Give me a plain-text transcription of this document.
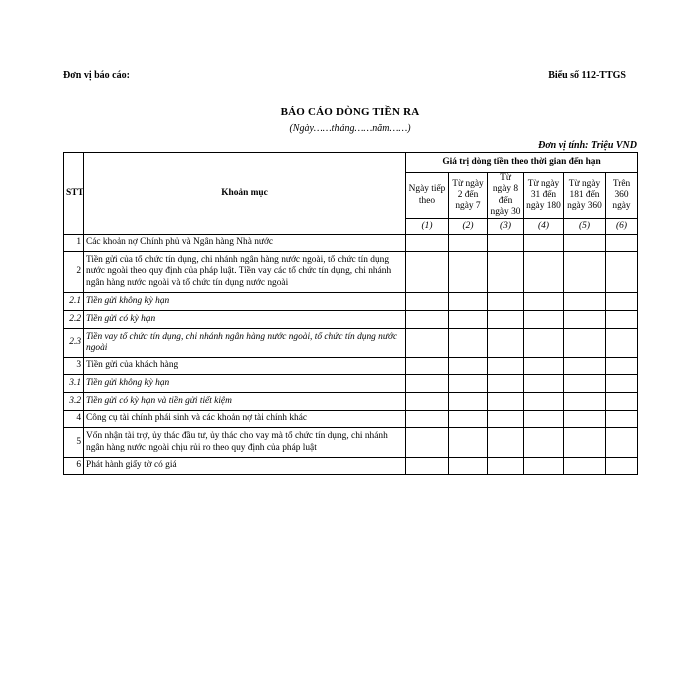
Đơn vị báo cáo:	Biểu số 112-TTGS
BÁO CÁO DÒNG TIỀN RA
(Ngày……tháng……năm……)
Đơn vị tính: Triệu VND
STT	Khoản mục	Giá trị dòng tiền theo thời gian đến hạn					
		Ngày tiếp theo	Từ ngày 2 đến ngày 7	Từ ngày 8 đến ngày 30	Từ ngày 31 đến ngày 180	Từ ngày 181 đến ngày 360	Trên 360 ngày
		(1)	(2)	(3)	(4)	(5)	(6)
1	Các khoản nợ Chính phủ và Ngân hàng Nhà nước						
2	Tiền gửi của tổ chức tín dụng, chi nhánh ngân hàng nước ngoài, tổ chức tín dụng nước ngoài theo quy định của pháp luật. Tiền vay các tổ chức tín dụng, chi nhánh ngân hàng nước ngoài và tổ chức tín dụng nước ngoài						
2.1	Tiền gửi không kỳ hạn						
2.2	Tiền gửi có kỳ hạn						
2.3	Tiền vay tổ chức tín dụng, chi nhánh ngân hàng nước ngoài, tổ chức tín dụng nước ngoài						
3	Tiền gửi của khách hàng						
3.1	Tiền gửi không kỳ hạn						
3.2	Tiền gửi có kỳ hạn và tiền gửi tiết kiệm						
4	Công cụ tài chính phái sinh và các khoản nợ tài chính khác						
5	Vốn nhận tài trợ, ủy thác đầu tư, ủy thác cho vay mà tổ chức tín dụng, chi nhánh ngân hàng nước ngoài chịu rủi ro theo quy định của pháp luật						
6	Phát hành giấy tờ có giá						
